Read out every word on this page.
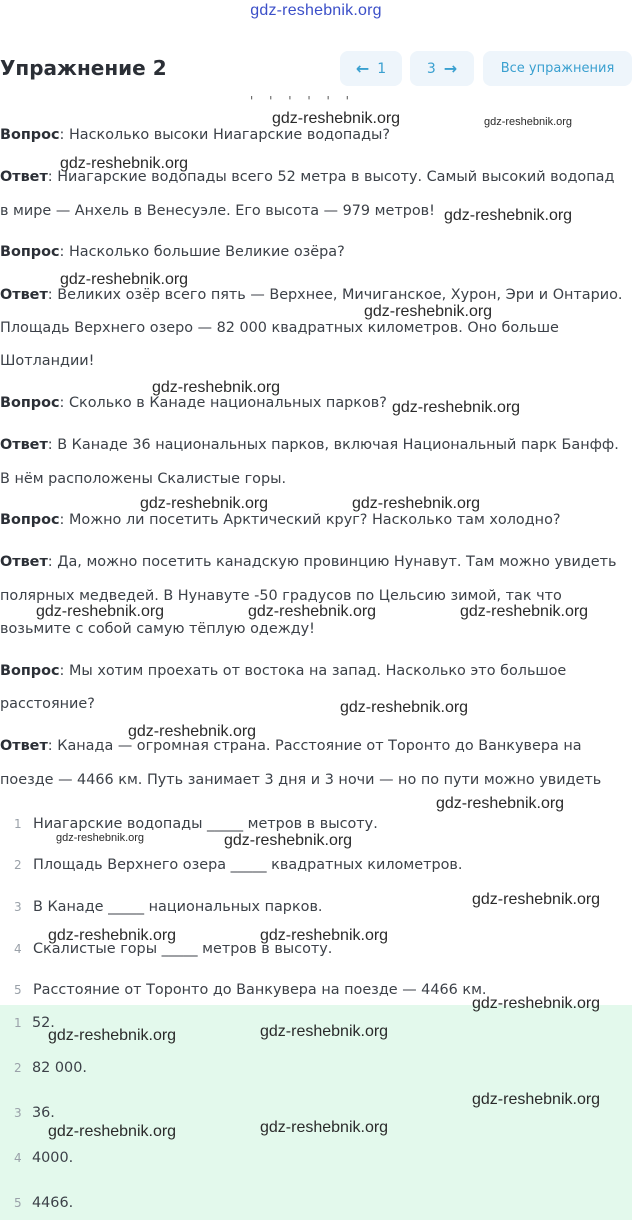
gdz-reshebnik.org
Упражнение 2	← 1	3 →	Все упражнения
' ' ' ' ' '
Вопрос: Насколько высоки Ниагарские водопады?
Ответ: Ниагарские водопады всего 52 метра в высоту. Самый высокий водопад
в мире — Анхель в Венесуэле. Его высота — 979 метров!
Вопрос: Насколько большие Великие озёра?
Ответ: Великих озёр всего пять — Верхнее, Мичиганское, Хурон, Эри и Онтарио.
Площадь Верхнего озеро — 82 000 квадратных километров. Оно больше
Шотландии!
Вопрос: Сколько в Канаде национальных парков?
Ответ: В Канаде 36 национальных парков, включая Национальный парк Банфф.
В нём расположены Скалистые горы.
Вопрос: Можно ли посетить Арктический круг? Насколько там холодно?
Ответ: Да, можно посетить канадскую провинцию Нунавут. Там можно увидеть
полярных медведей. В Нунавуте -50 градусов по Цельсию зимой, так что
возьмите с собой самую тёплую одежду!
Вопрос: Мы хотим проехать от востока на запад. Насколько это большое
расстояние?
Ответ: Канада — огромная страна. Расстояние от Торонто до Ванкувера на
поезде — 4466 км. Путь занимает 3 дня и 3 ночи — но по пути можно увидеть
1 Ниагарские водопады _____ метров в высоту.
2 Площадь Верхнего озера _____ квадратных километров.
3 В Канаде _____ национальных парков.
4 Скалистые горы _____ метров в высоту.
5 Расстояние от Торонто до Ванкувера на поезде — 4466 км.
1 52.
2 82 000.
3 36.
4 4000.
5 4466.
gdz-reshebnik.org	gdz-reshebnik.org
gdz-reshebnik.org
gdz-reshebnik.org
gdz-reshebnik.org
gdz-reshebnik.org
gdz-reshebnik.org
gdz-reshebnik.org
gdz-reshebnik.org	gdz-reshebnik.org
gdz-reshebnik.org	gdz-reshebnik.org	gdz-reshebnik.org
gdz-reshebnik.org
gdz-reshebnik.org
gdz-reshebnik.org
gdz-reshebnik.org	gdz-reshebnik.org
gdz-reshebnik.org
gdz-reshebnik.org	gdz-reshebnik.org
gdz-reshebnik.org
gdz-reshebnik.org	gdz-reshebnik.org
gdz-reshebnik.org
gdz-reshebnik.org	gdz-reshebnik.org
